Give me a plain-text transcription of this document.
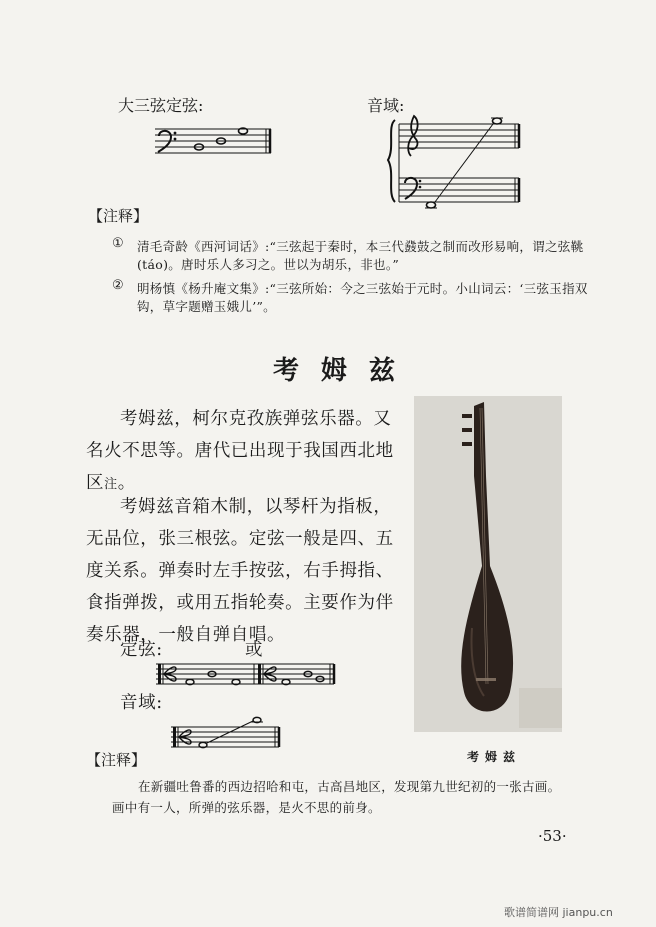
大三弦定弦:	音域:
【注释】
① 清毛奇龄《西河词话》:“三弦起于秦时，本三代鼗鼓之制而改形易响，谓之弦鞉
(táo)。唐时乐人多习之。世以为胡乐，非也。”
② 明杨慎《杨升庵文集》:“三弦所始：今之三弦始于元时。小山词云：‘三弦玉指双
钩，草字题赠玉娥儿’”。
考姆兹
考姆兹，柯尔克孜族弹弦乐器。又
名火不思等。唐代已出现于我国西北地
区注。
考姆兹音箱木制，以琴杆为指板，
无品位，张三根弦。定弦一般是四、五
度关系。弹奏时左手按弦，右手拇指、
食指弹拨，或用五指轮奏。主要作为伴
奏乐器，一般自弹自唱。
定弦:	或
音域:
考姆兹
【注释】
在新疆吐鲁番的西边招哈和屯，古高昌地区，发现第九世纪初的一张古画。
画中有一人，所弹的弦乐器，是火不思的前身。
·53·
歌谱简谱网 jianpu.cn
